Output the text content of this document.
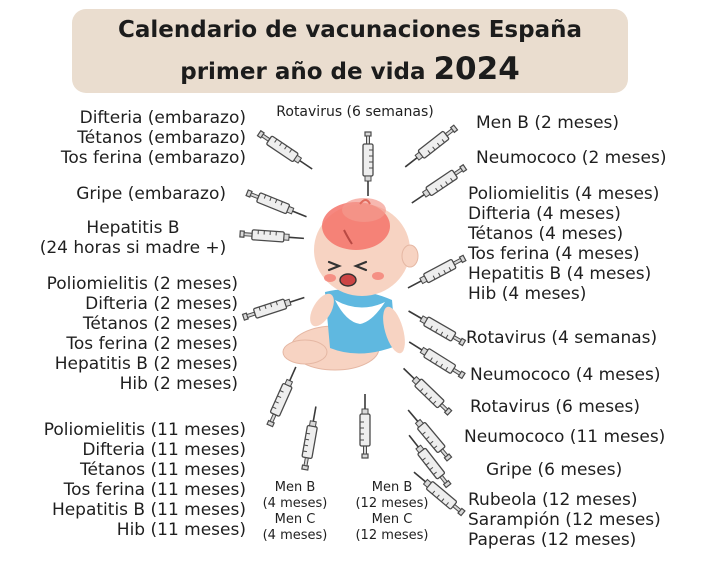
Calendario de vacunaciones España
primer año de vida 2024
Rotavirus (6 semanas)
Difteria (embarazo)
Tétanos (embarazo)
Tos ferina (embarazo)
Gripe (embarazo)
Hepatitis B
(24 horas si madre +)
Poliomielitis (2 meses)
Difteria (2 meses)
Tétanos (2 meses)
Tos ferina (2 meses)
Hepatitis B (2 meses)
Hib (2 meses)
Poliomielitis (11 meses)
Difteria (11 meses)
Tétanos (11 meses)
Tos ferina (11 meses)
Hepatitis B (11 meses)
Hib (11 meses)
Men B
(4 meses)
Men C
(4 meses)
Men B
(12 meses)
Men C
(12 meses)
Men B (2 meses)
Neumococo (2 meses)
Poliomielitis (4 meses)
Difteria (4 meses)
Tétanos (4 meses)
Tos ferina (4 meses)
Hepatitis B (4 meses)
Hib (4 meses)
Rotavirus (4 semanas)
Neumococo (4 meses)
Rotavirus (6 meses)
Neumococo (11 meses)
Gripe (6 meses)
Rubeola (12 meses)
Sarampión (12 meses)
Paperas (12 meses)
